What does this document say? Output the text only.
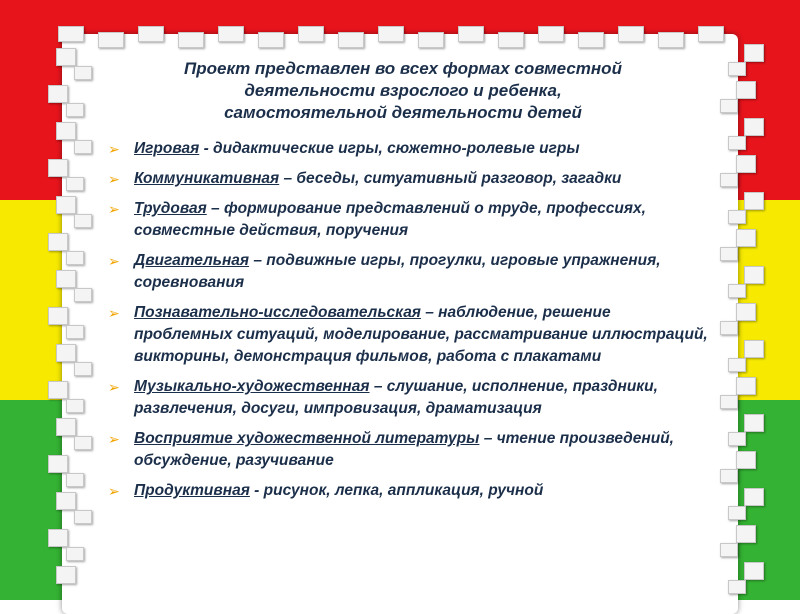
Проект представлен во всех формах совместной
деятельности взрослого и ребенка,
самостоятельной деятельности детей
➢ Игровая - дидактические игры, сюжетно-ролевые игры
➢ Коммуникативная – беседы, ситуативный разговор, загадки
➢ Трудовая – формирование представлений о труде, профессиях, совместные действия, поручения
➢ Двигательная – подвижные игры, прогулки, игровые упражнения, соревнования
➢ Познавательно-исследовательская – наблюдение, решение проблемных ситуаций, моделирование, рассматривание иллюстраций, викторины, демонстрация фильмов, работа с плакатами
➢ Музыкально-художественная – слушание, исполнение, праздники, развлечения, досуги, импровизация, драматизация
➢ Восприятие художественной литературы – чтение произведений, обсуждение, разучивание
➢ Продуктивная - рисунок, лепка, аппликация, ручной
